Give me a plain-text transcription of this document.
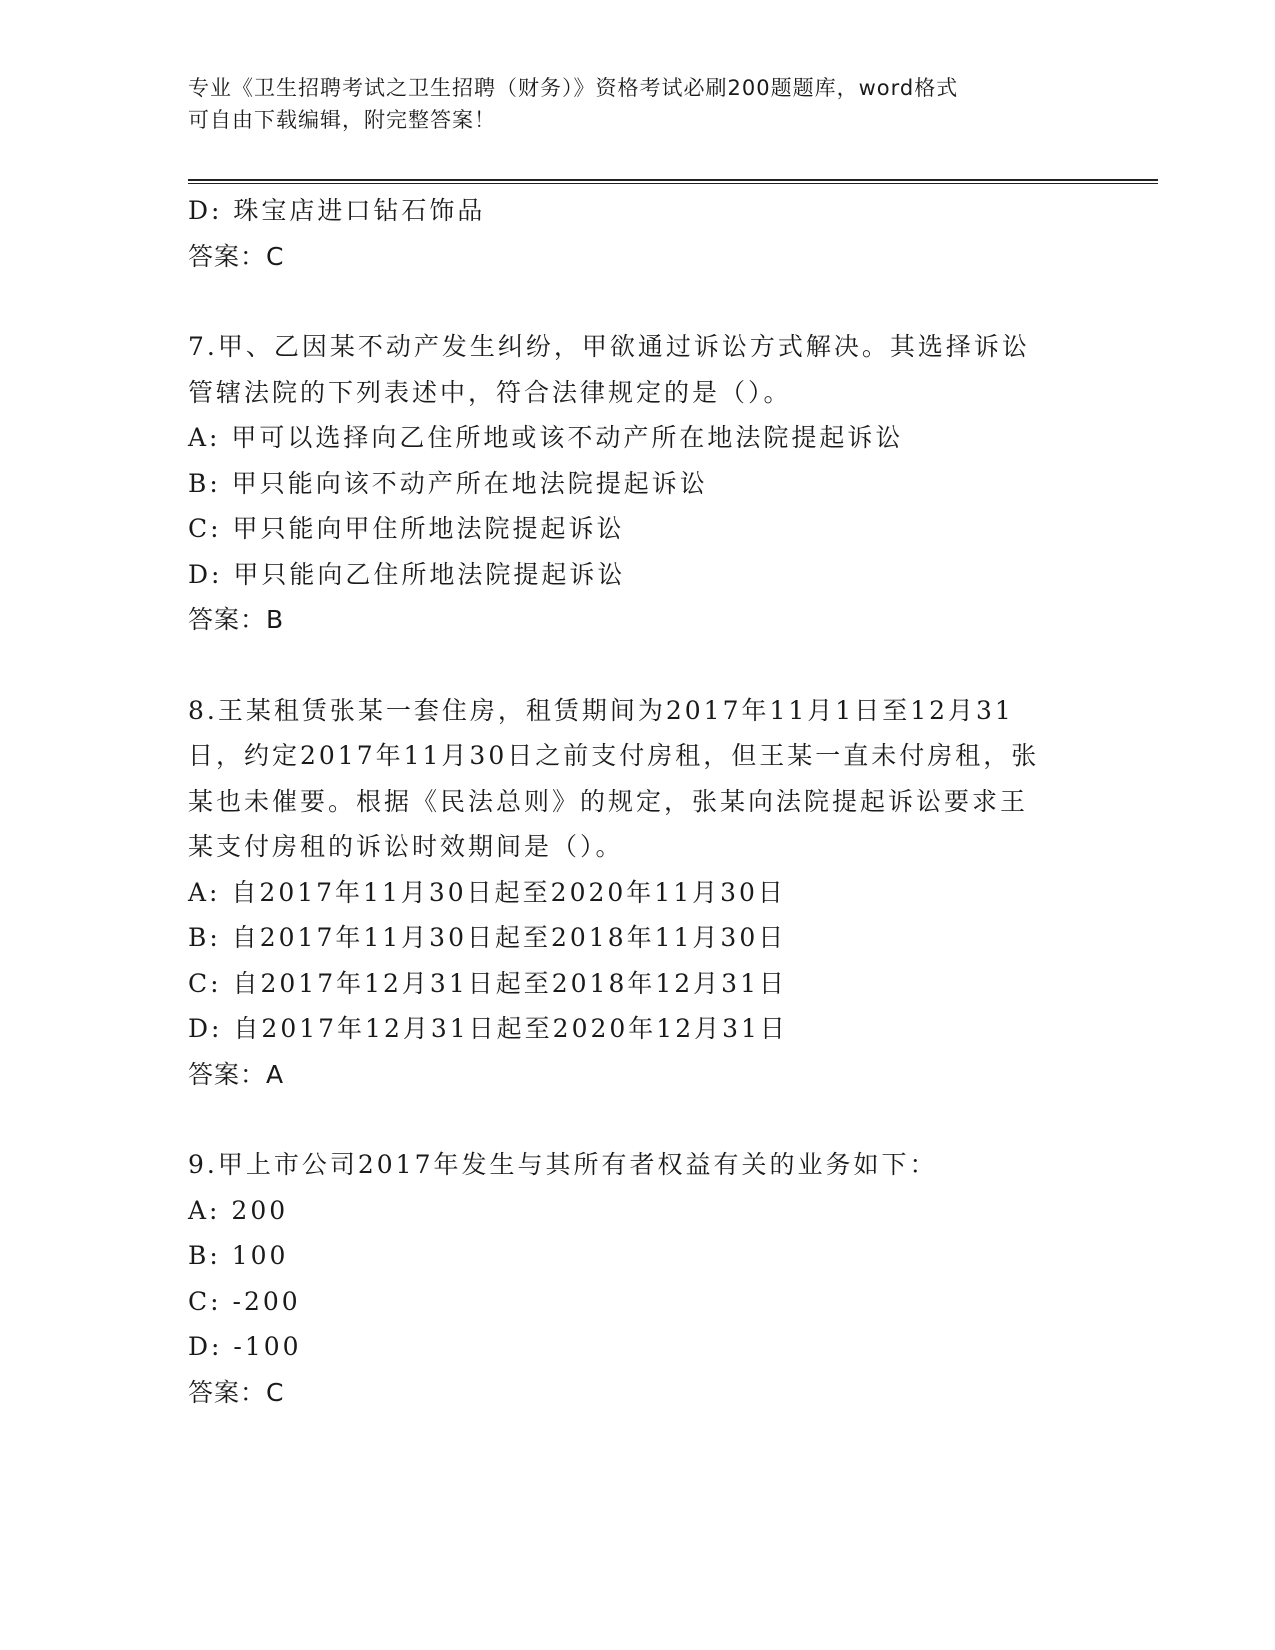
专业《卫生招聘考试之卫生招聘（财务）》资格考试必刷200题题库，word格式
可自由下载编辑，附完整答案！
D: 珠宝店进口钻石饰品
答案：C
7.甲、乙因某不动产发生纠纷，甲欲通过诉讼方式解决。其选择诉讼
管辖法院的下列表述中，符合法律规定的是（）。
A: 甲可以选择向乙住所地或该不动产所在地法院提起诉讼
B: 甲只能向该不动产所在地法院提起诉讼
C: 甲只能向甲住所地法院提起诉讼
D: 甲只能向乙住所地法院提起诉讼
答案：B
8.王某租赁张某一套住房，租赁期间为2017年11月1日至12月31
日，约定2017年11月30日之前支付房租，但王某一直未付房租，张
某也未催要。根据《民法总则》的规定，张某向法院提起诉讼要求王
某支付房租的诉讼时效期间是（）。
A: 自2017年11月30日起至2020年11月30日
B: 自2017年11月30日起至2018年11月30日
C: 自2017年12月31日起至2018年12月31日
D: 自2017年12月31日起至2020年12月31日
答案：A
9.甲上市公司2017年发生与其所有者权益有关的业务如下：
A: 200
B: 100
C: -200
D: -100
答案：C
